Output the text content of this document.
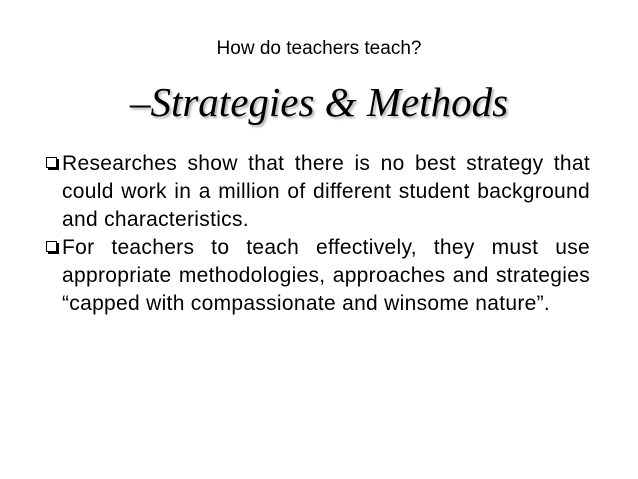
How do teachers teach?
–Strategies & Methods
Researches show that there is no best strategy that could work in a million of different student background and characteristics.
For teachers to teach effectively, they must use appropriate methodologies, approaches and strategies “capped with compassionate and winsome nature”.
